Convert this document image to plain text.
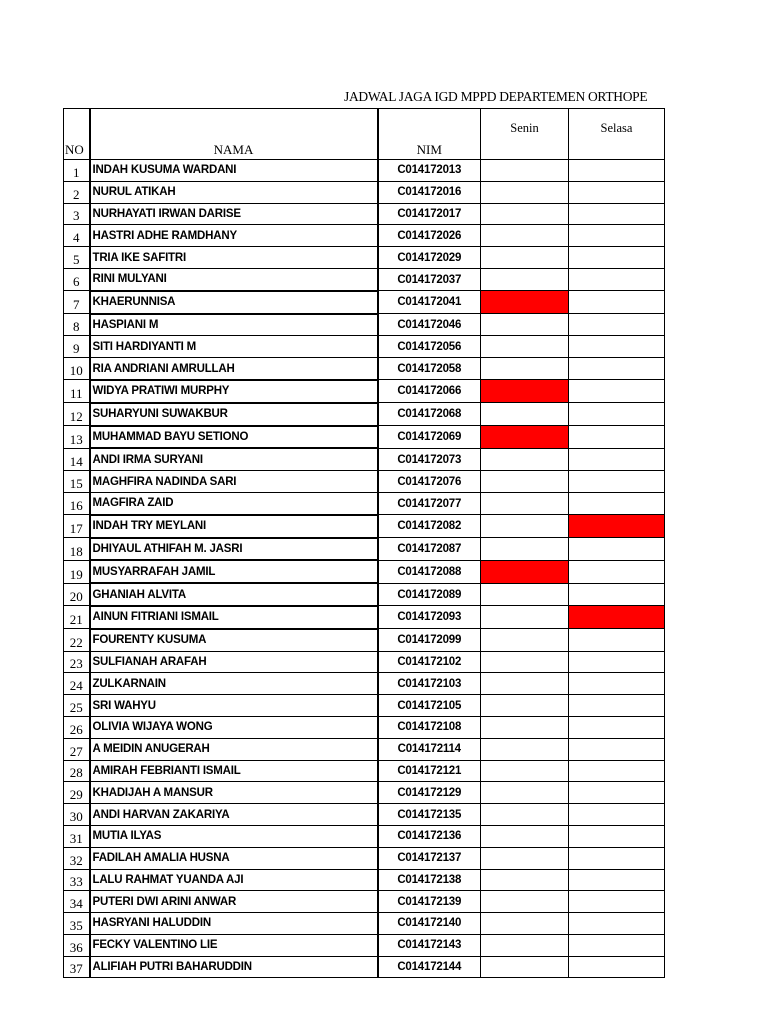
JADWAL JAGA IGD MPPD DEPARTEMEN ORTHOPE
NO	NAMA	NIM	Senin	Selasa
1	INDAH KUSUMA WARDANI	C014172013		
2	NURUL ATIKAH	C014172016		
3	NURHAYATI IRWAN DARISE	C014172017		
4	HASTRI ADHE RAMDHANY	C014172026		
5	TRIA IKE SAFITRI	C014172029		
6	RINI MULYANI	C014172037		
7	KHAERUNNISA	C014172041		
8	HASPIANI M	C014172046		
9	SITI HARDIYANTI M	C014172056		
10	RIA ANDRIANI AMRULLAH	C014172058		
11	WIDYA PRATIWI MURPHY	C014172066		
12	SUHARYUNI SUWAKBUR	C014172068		
13	MUHAMMAD BAYU SETIONO	C014172069		
14	ANDI IRMA SURYANI	C014172073		
15	MAGHFIRA NADINDA SARI	C014172076		
16	MAGFIRA ZAID	C014172077		
17	INDAH TRY MEYLANI	C014172082		
18	DHIYAUL ATHIFAH M. JASRI	C014172087		
19	MUSYARRAFAH JAMIL	C014172088		
20	GHANIAH ALVITA	C014172089		
21	AINUN FITRIANI ISMAIL	C014172093		
22	FOURENTY KUSUMA	C014172099		
23	SULFIANAH ARAFAH	C014172102		
24	ZULKARNAIN	C014172103		
25	SRI WAHYU	C014172105		
26	OLIVIA WIJAYA WONG	C014172108		
27	A MEIDIN ANUGERAH	C014172114		
28	AMIRAH FEBRIANTI ISMAIL	C014172121		
29	KHADIJAH A MANSUR	C014172129		
30	ANDI HARVAN ZAKARIYA	C014172135		
31	MUTIA ILYAS	C014172136		
32	FADILAH AMALIA HUSNA	C014172137		
33	LALU RAHMAT YUANDA AJI	C014172138		
34	PUTERI DWI ARINI ANWAR	C014172139		
35	HASRYANI HALUDDIN	C014172140		
36	FECKY VALENTINO LIE	C014172143		
37	ALIFIAH PUTRI BAHARUDDIN	C014172144		
